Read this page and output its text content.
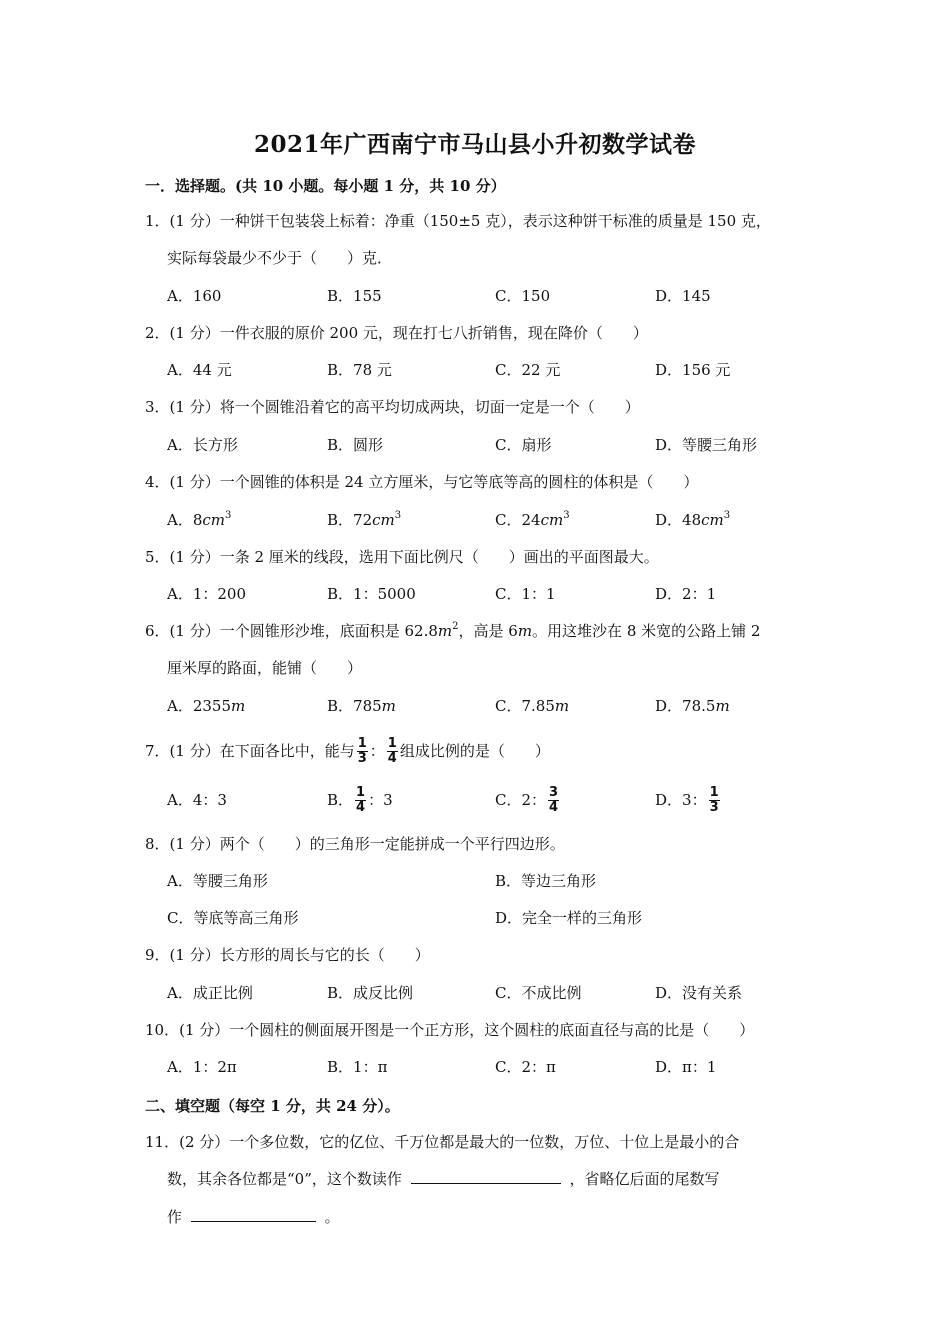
2021年广西南宁市马山县小升初数学试卷
一．选择题。(共 10 小题。每小题 1 分，共 10 分）
1．(1 分）一种饼干包装袋上标着：净重（150±5 克），表示这种饼干标准的质量是 150 克，
实际每袋最少不少于（　　）克．
A．160	B．155	C．150	D．145
2．(1 分）一件衣服的原价 200 元，现在打七八折销售，现在降价（　　）
A．44 元	B．78 元	C．22 元	D．156 元
3．(1 分）将一个圆锥沿着它的高平均切成两块，切面一定是一个（　　）
A．长方形	B．圆形	C．扇形	D．等腰三角形
4．(1 分）一个圆锥的体积是 24 立方厘米，与它等底等高的圆柱的体积是（　　）
A．$8cm^3$	B．$72cm^3$	C．$24cm^3$	D．$48cm^3$
5．(1 分）一条 2 厘米的线段，选用下面比例尺（　　）画出的平面图最大。
A．1：200	B．1：5000	C．1：1	D．2：1
6．(1 分）一个圆锥形沙堆，底面积是 $62.8m^2$，高是 6m。用这堆沙在 8 米宽的公路上铺 2
厘米厚的路面，能铺（　　）
A．2355m	B．785m	C．7.85m	D．78.5m
7．(1 分）在下面各比中，能与 $\frac{1}{3}$ ： $\frac{1}{4}$ 组成比例的是（　　）
A．4：3	B． $\frac{1}{4}$ ：3	C．2： $\frac{3}{4}$	D．3： $\frac{1}{3}$
8．(1 分）两个（　　）的三角形一定能拼成一个平行四边形。
A．等腰三角形	B．等边三角形
C．等底等高三角形	D．完全一样的三角形
9．(1 分）长方形的周长与它的长（　　）
A．成正比例	B．成反比例	C．不成比例	D．没有关系
10．(1 分）一个圆柱的侧面展开图是一个正方形，这个圆柱的底面直径与高的比是（　　）
A．1：2π	B．1：π	C．2：π	D．π：1
二、填空题（每空 1 分，共 24 分）。
11．(2 分）一个多位数，它的亿位、千万位都是最大的一位数，万位、十位上是最小的合
数，其余各位都是“0”，这个数读作	，省略亿后面的尾数写
作	。
